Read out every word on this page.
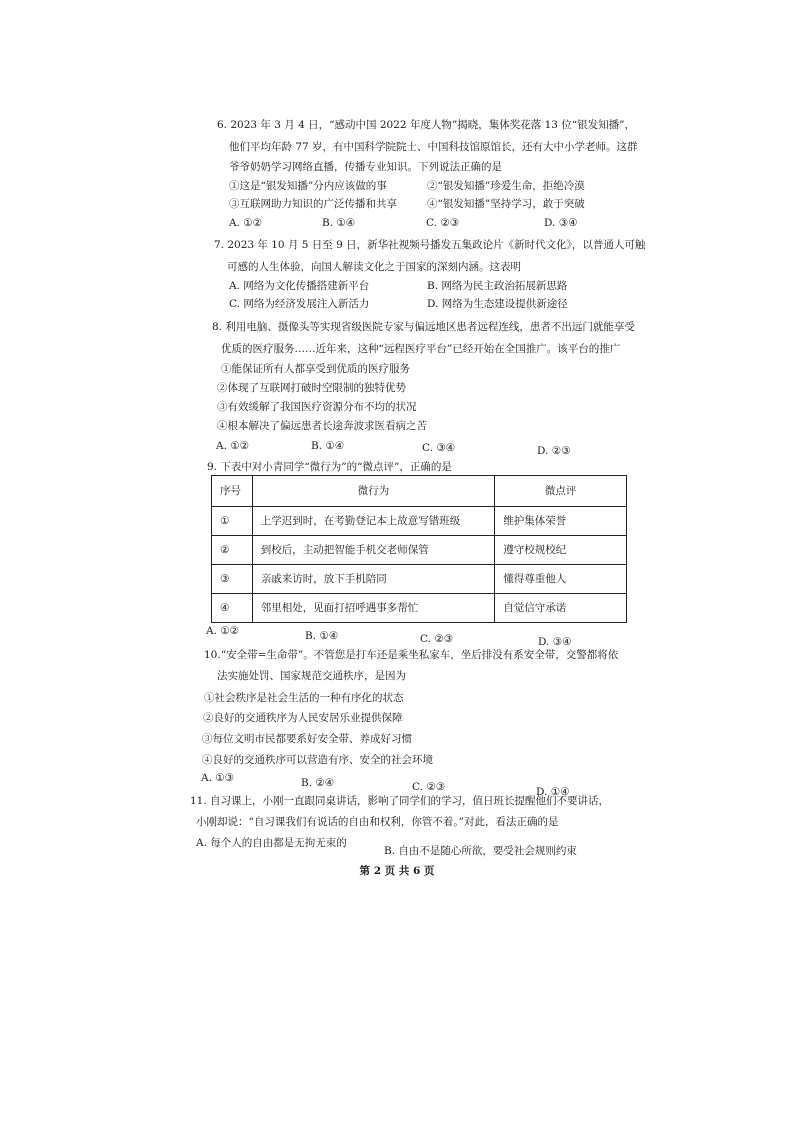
6. 2023 年 3 月 4 日，“感动中国 2022 年度人物”揭晓，集体奖花落 13 位“银发知播”，
他们平均年龄 77 岁，有中国科学院院士、中国科技馆原馆长，还有大中小学老师。这群
爷爷奶奶学习网络直播，传播专业知识。下列说法正确的是
①这是“银发知播”分内应该做的事	②“银发知播”珍爱生命，拒绝冷漠
③互联网助力知识的广泛传播和共享	④“银发知播”坚持学习，敢于突破
A. ①②	B. ①④	C. ②③	D. ③④
7. 2023 年 10 月 5 日至 9 日，新华社视频号播发五集政论片《新时代文化》，以普通人可触
可感的人生体验，向国人解读文化之于国家的深刻内涵。这表明
A. 网络为文化传播搭建新平台	B. 网络为民主政治拓展新思路
C. 网络为经济发展注入新活力	D. 网络为生态建设提供新途径
8. 利用电脑、摄像头等实现省级医院专家与偏远地区患者远程连线，患者不出远门就能享受
优质的医疗服务……近年来，这种“远程医疗平台”已经开始在全国推广。该平台的推广
①能保证所有人都享受到优质的医疗服务
②体现了互联网打破时空限制的独特优势
③有效缓解了我国医疗资源分布不均的状况
④根本解决了偏远患者长途奔波求医看病之苦
A. ①②	B. ①④	C. ③④	D. ②③
9. 下表中对小青同学“微行为”的“微点评”，正确的是
序号	微行为	微点评
①	上学迟到时，在考勤登记本上故意写错班级	维护集体荣誉
②	到校后，主动把智能手机交老师保管	遵守校规校纪
③	亲戚来访时，放下手机陪同	懂得尊重他人
④	邻里相处，见面打招呼遇事多帮忙	自觉信守承诺
A. ①②	B. ①④	C. ②③	D. ③④
10.“安全带=生命带”。不管您是打车还是乘坐私家车，坐后排没有系安全带，交警都将依
法实施处罚、国家规范交通秩序，是因为
①社会秩序是社会生活的一种有序化的状态
②良好的交通秩序为人民安居乐业提供保障
③每位文明市民都要系好安全带、养成好习惯
④良好的交通秩序可以营造有序、安全的社会环境
A. ①③	B. ②④	C. ②③	D. ①④
11. 自习课上，小刚一直跟同桌讲话，影响了同学们的学习，值日班长提醒他们不要讲话，
小刚却说：“自习课我们有说话的自由和权利，你管不着。”对此，看法正确的是
A. 每个人的自由都是无拘无束的
B. 自由不是随心所欲，要受社会规则约束
第 2 页 共 6 页
